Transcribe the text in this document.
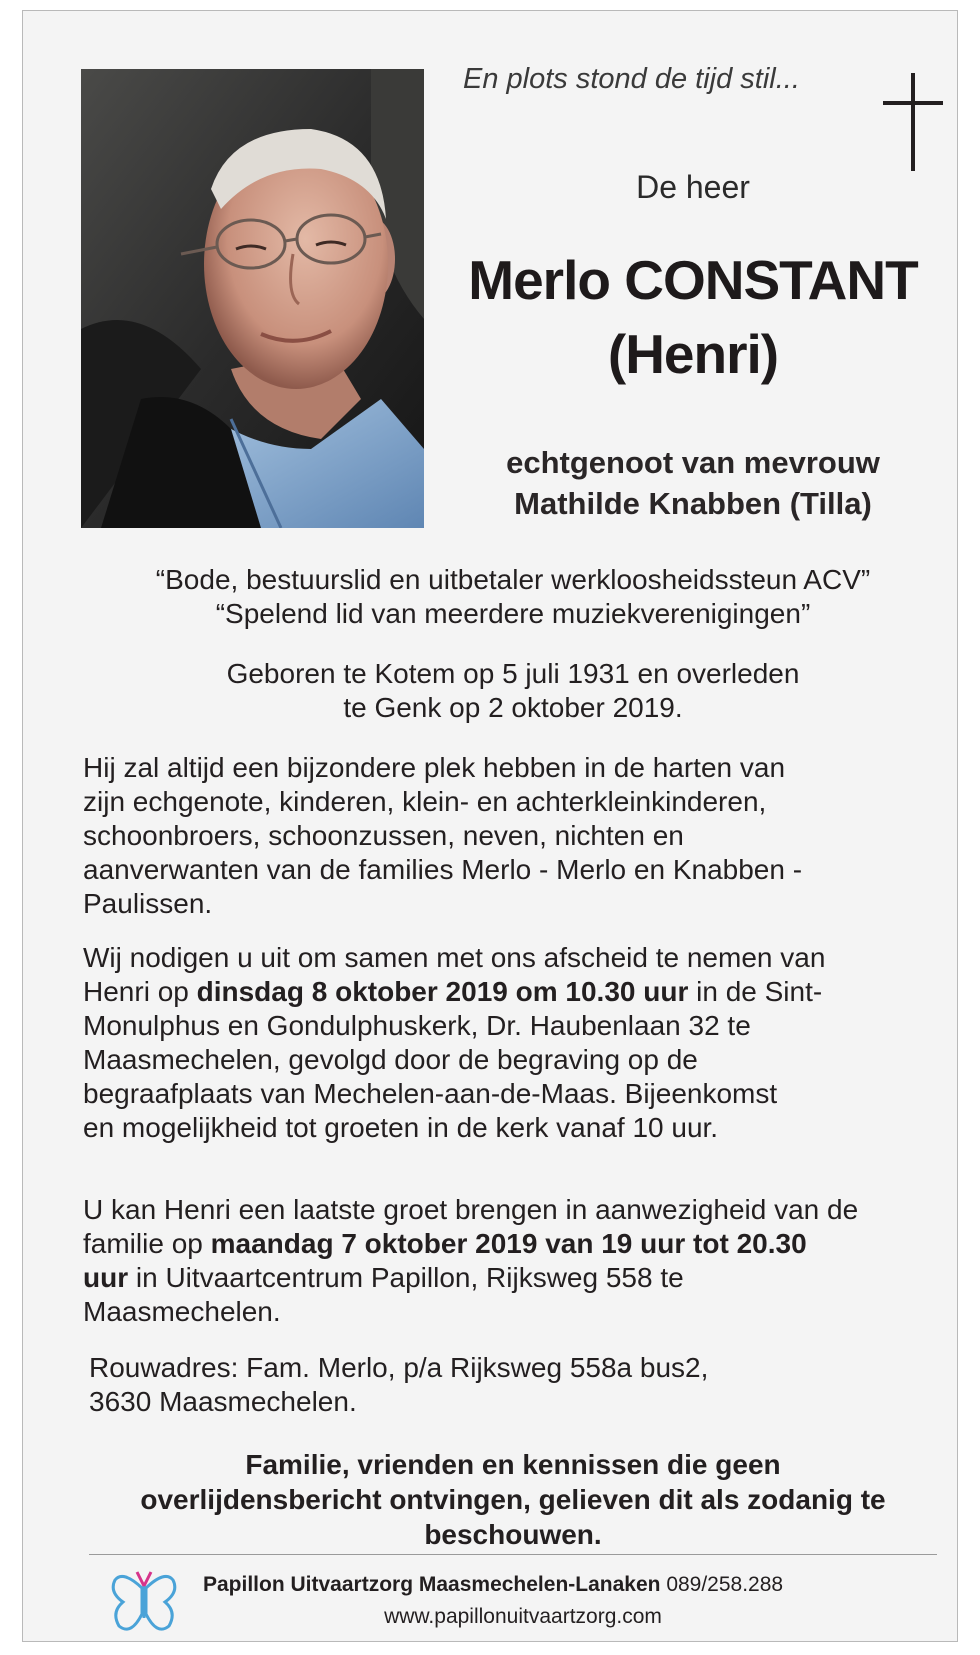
En plots stond de tijd stil...
De heer
Merlo CONSTANT
(Henri)
echtgenoot van mevrouw
Mathilde Knabben (Tilla)
“Bode, bestuurslid en uitbetaler werkloosheidssteun ACV”
“Spelend lid van meerdere muziekverenigingen”
Geboren te Kotem op 5 juli 1931 en overleden
te Genk op 2 oktober 2019.
Hij zal altijd een bijzondere plek hebben in de harten van
zijn echgenote, kinderen, klein- en achterkleinkinderen,
schoonbroers, schoonzussen, neven, nichten en
aanverwanten van de families Merlo - Merlo en Knabben -
Paulissen.
Wij nodigen u uit om samen met ons afscheid te nemen van
Henri op dinsdag 8 oktober 2019 om 10.30 uur in de Sint-
Monulphus en Gondulphuskerk, Dr. Haubenlaan 32 te
Maasmechelen, gevolgd door de begraving op de
begraafplaats van Mechelen-aan-de-Maas. Bijeenkomst
en mogelijkheid tot groeten in de kerk vanaf 10 uur.
U kan Henri een laatste groet brengen in aanwezigheid van de
familie op maandag 7 oktober 2019 van 19 uur tot 20.30
uur in Uitvaartcentrum Papillon, Rijksweg 558 te
Maasmechelen.
Rouwadres: Fam. Merlo, p/a Rijksweg 558a bus2,
3630 Maasmechelen.
Familie, vrienden en kennissen die geen
overlijdensbericht ontvingen, gelieven dit als zodanig te
beschouwen.
Papillon Uitvaartzorg Maasmechelen-Lanaken 089/258.288
www.papillonuitvaartzorg.com
